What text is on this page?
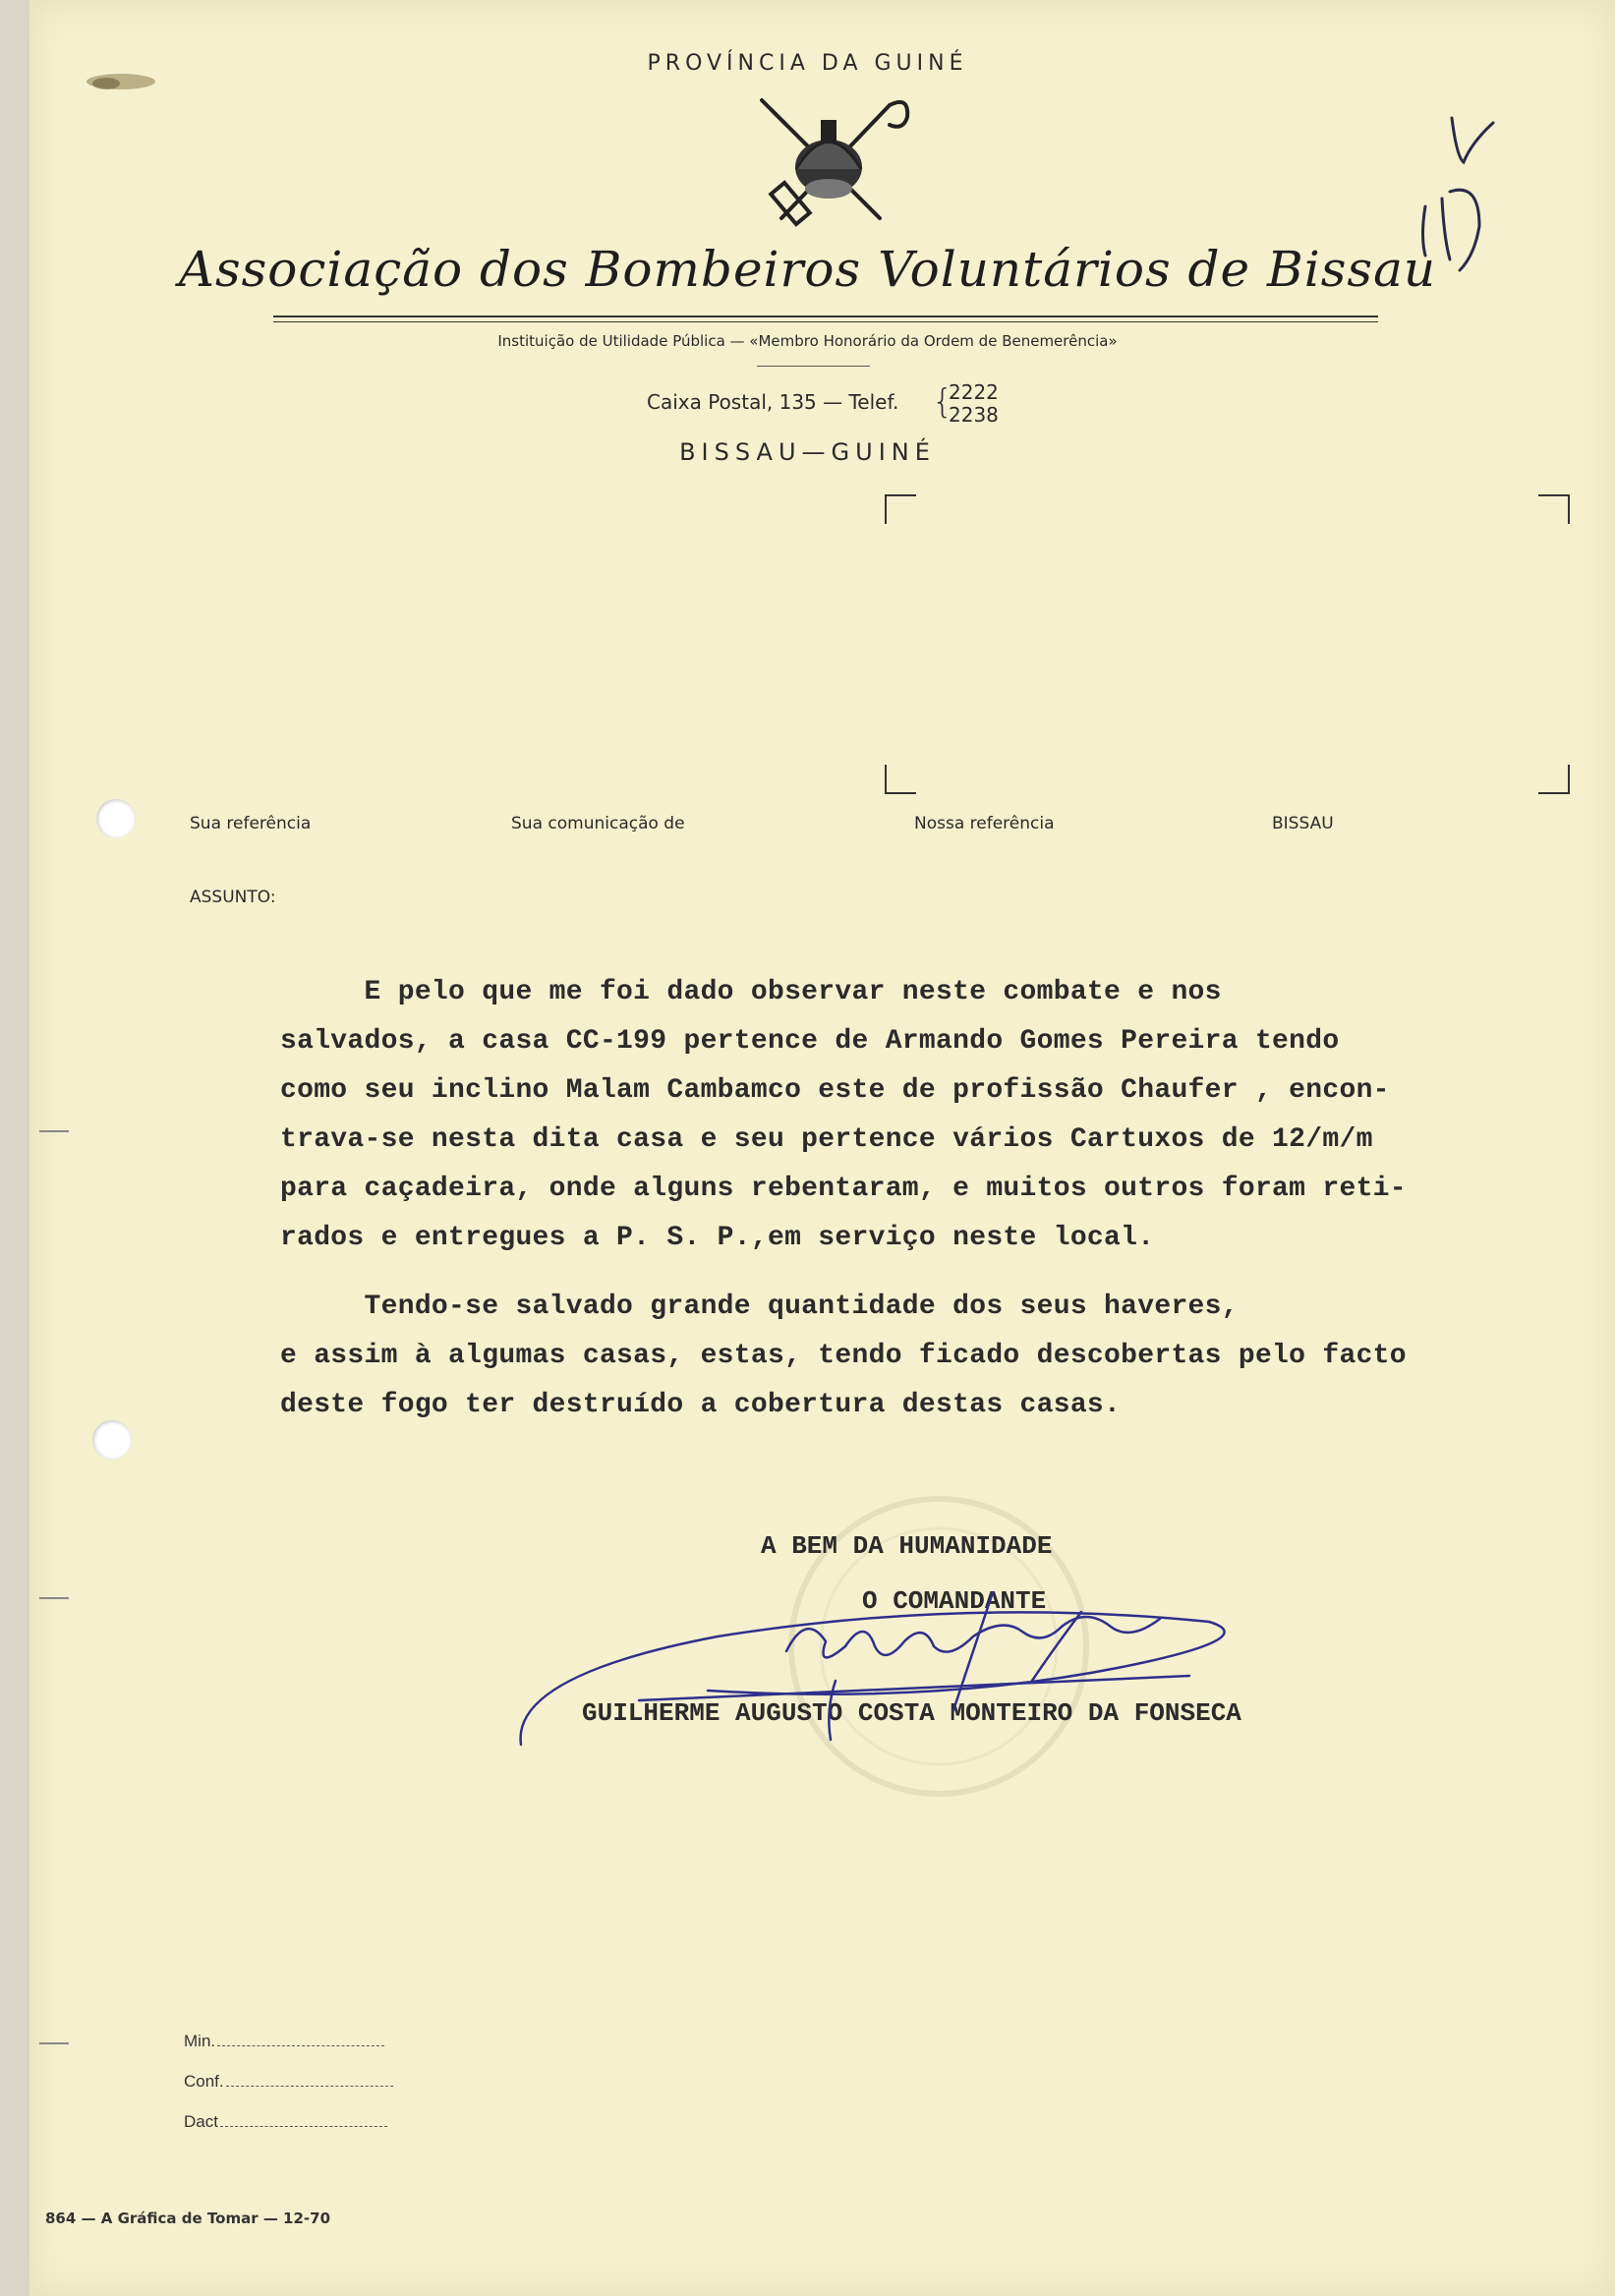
PROVÍNCIA DA GUINÉ
Associação dos Bombeiros Voluntários de Bissau
Instituição de Utilidade Pública — «Membro Honorário da Ordem de Benemerência»
Caixa Postal, 135 — Telef. {
2222
2238
BISSAU—GUINÉ
Sua referência	Sua comunicação de	Nossa referência	BISSAU
ASSUNTO:
E pelo que me foi dado observar neste combate e nos
salvados, a casa CC-199 pertence de Armando Gomes Pereira tendo
como seu inclino Malam Cambamco este de profissão Chaufer , encon-
trava-se nesta dita casa e seu pertence vários Cartuxos de 12/m/m
para caçadeira, onde alguns rebentaram, e muitos outros foram reti-
rados e entregues a P. S. P.,em serviço neste local.
Tendo-se salvado grande quantidade dos seus haveres,
e assim à algumas casas, estas, tendo ficado descobertas pelo facto
deste fogo ter destruído a cobertura destas casas.
A BEM DA HUMANIDADE
O COMANDANTE
GUILHERME AUGUSTO COSTA MONTEIRO DA FONSECA
Min.
Conf.
Dact
864 — A Gráfica de Tomar — 12-70
